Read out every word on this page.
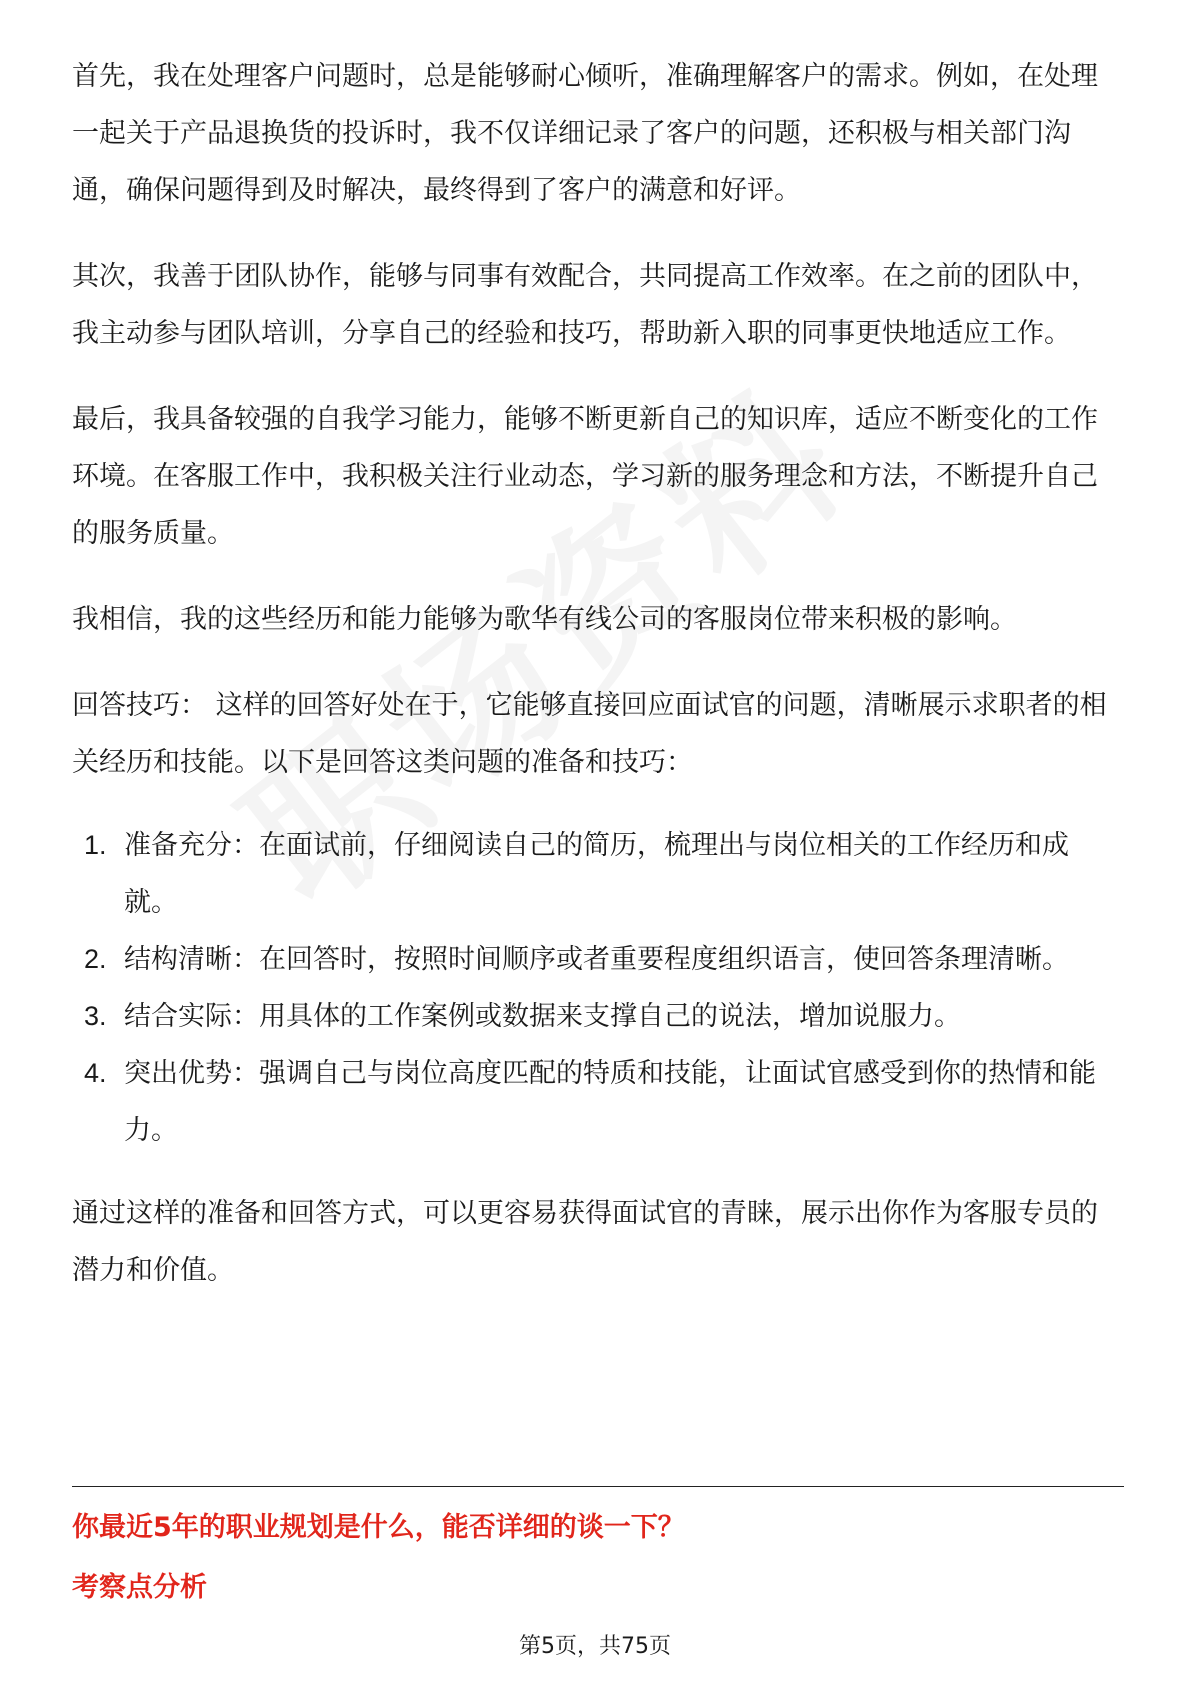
首先，我在处理客户问题时，总是能够耐心倾听，准确理解客户的需求。例如，在处理一起关于产品退换货的投诉时，我不仅详细记录了客户的问题，还积极与相关部门沟通，确保问题得到及时解决，最终得到了客户的满意和好评。

其次，我善于团队协作，能够与同事有效配合，共同提高工作效率。在之前的团队中，我主动参与团队培训，分享自己的经验和技巧，帮助新入职的同事更快地适应工作。

最后，我具备较强的自我学习能力，能够不断更新自己的知识库，适应不断变化的工作环境。在客服工作中，我积极关注行业动态，学习新的服务理念和方法，不断提升自己的服务质量。

我相信，我的这些经历和能力能够为歌华有线公司的客服岗位带来积极的影响。

回答技巧： 这样的回答好处在于，它能够直接回应面试官的问题，清晰展示求职者的相关经历和技能。以下是回答这类问题的准备和技巧：

1. 准备充分：在面试前，仔细阅读自己的简历，梳理出与岗位相关的工作经历和成就。
2. 结构清晰：在回答时，按照时间顺序或者重要程度组织语言，使回答条理清晰。
3. 结合实际：用具体的工作案例或数据来支撑自己的说法，增加说服力。
4. 突出优势：强调自己与岗位高度匹配的特质和技能，让面试官感受到你的热情和能力。

通过这样的准备和回答方式，可以更容易获得面试官的青睐，展示出你作为客服专员的潜力和价值。

你最近5年的职业规划是什么，能否详细的谈一下？

考察点分析

第5页，共75页
